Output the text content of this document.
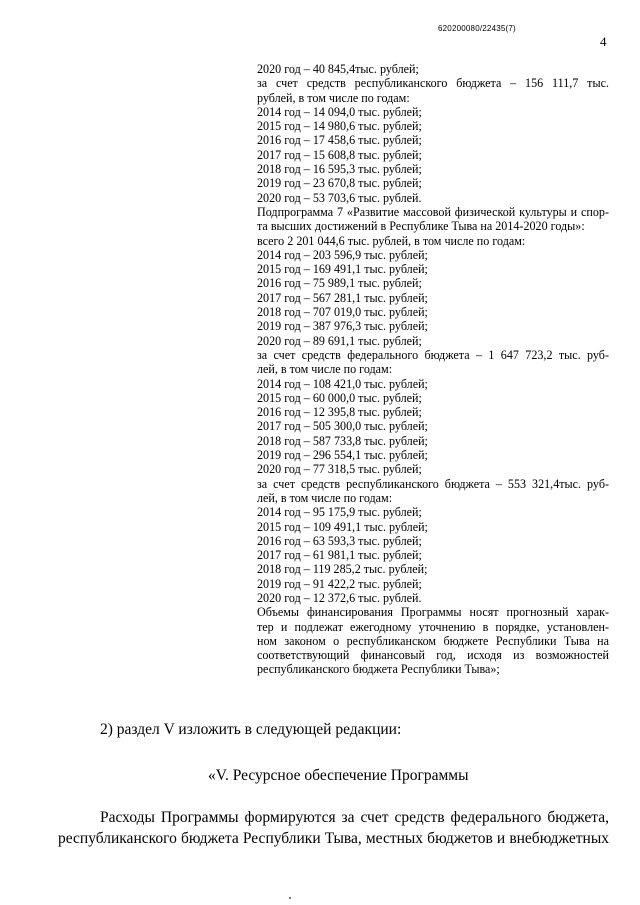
620200080/22435(7)
4
2020 год – 40 845,4тыс. рублей;
за счет средств республиканского бюджета – 156 111,7 тыс.
рублей, в том числе по годам:
2014 год – 14 094,0 тыс. рублей;
2015 год – 14 980,6 тыс. рублей;
2016 год – 17 458,6 тыс. рублей;
2017 год – 15 608,8 тыс. рублей;
2018 год – 16 595,3 тыс. рублей;
2019 год – 23 670,8 тыс. рублей;
2020 год – 53 703,6 тыс. рублей.
Подпрограмма 7 «Развитие массовой физической культуры и спор-
та высших достижений в Республике Тыва на 2014-2020 годы»:
всего 2 201 044,6 тыс. рублей, в том числе по годам:
2014 год – 203 596,9 тыс. рублей;
2015 год – 169 491,1 тыс. рублей;
2016 год – 75 989,1 тыс. рублей;
2017 год – 567 281,1 тыс. рублей;
2018 год – 707 019,0 тыс. рублей;
2019 год – 387 976,3 тыс. рублей;
2020 год – 89 691,1 тыс. рублей;
за счет средств федерального бюджета – 1 647 723,2 тыс. руб-
лей, в том числе по годам:
2014 год – 108 421,0 тыс. рублей;
2015 год – 60 000,0 тыс. рублей;
2016 год – 12 395,8 тыс. рублей;
2017 год – 505 300,0 тыс. рублей;
2018 год – 587 733,8 тыс. рублей;
2019 год – 296 554,1 тыс. рублей;
2020 год – 77 318,5 тыс. рублей;
за счет средств республиканского бюджета – 553 321,4тыс. руб-
лей, в том числе по годам:
2014 год – 95 175,9 тыс. рублей;
2015 год – 109 491,1 тыс. рублей;
2016 год – 63 593,3 тыс. рублей;
2017 год – 61 981,1 тыс. рублей;
2018 год – 119 285,2 тыс. рублей;
2019 год – 91 422,2 тыс. рублей;
2020 год – 12 372,6 тыс. рублей.
Объемы финансирования Программы носят прогнозный харак-
тер и подлежат ежегодному уточнению в порядке, установлен-
ном законом о республиканском бюджете Республики Тыва на
соответствующий финансовый год, исходя из возможностей
республиканского бюджета Республики Тыва»;
2) раздел V изложить в следующей редакции:
«V. Ресурсное обеспечение Программы
Расходы Программы формируются за счет средств федерального бюджета,
республиканского бюджета Республики Тыва, местных бюджетов и внебюджетных
